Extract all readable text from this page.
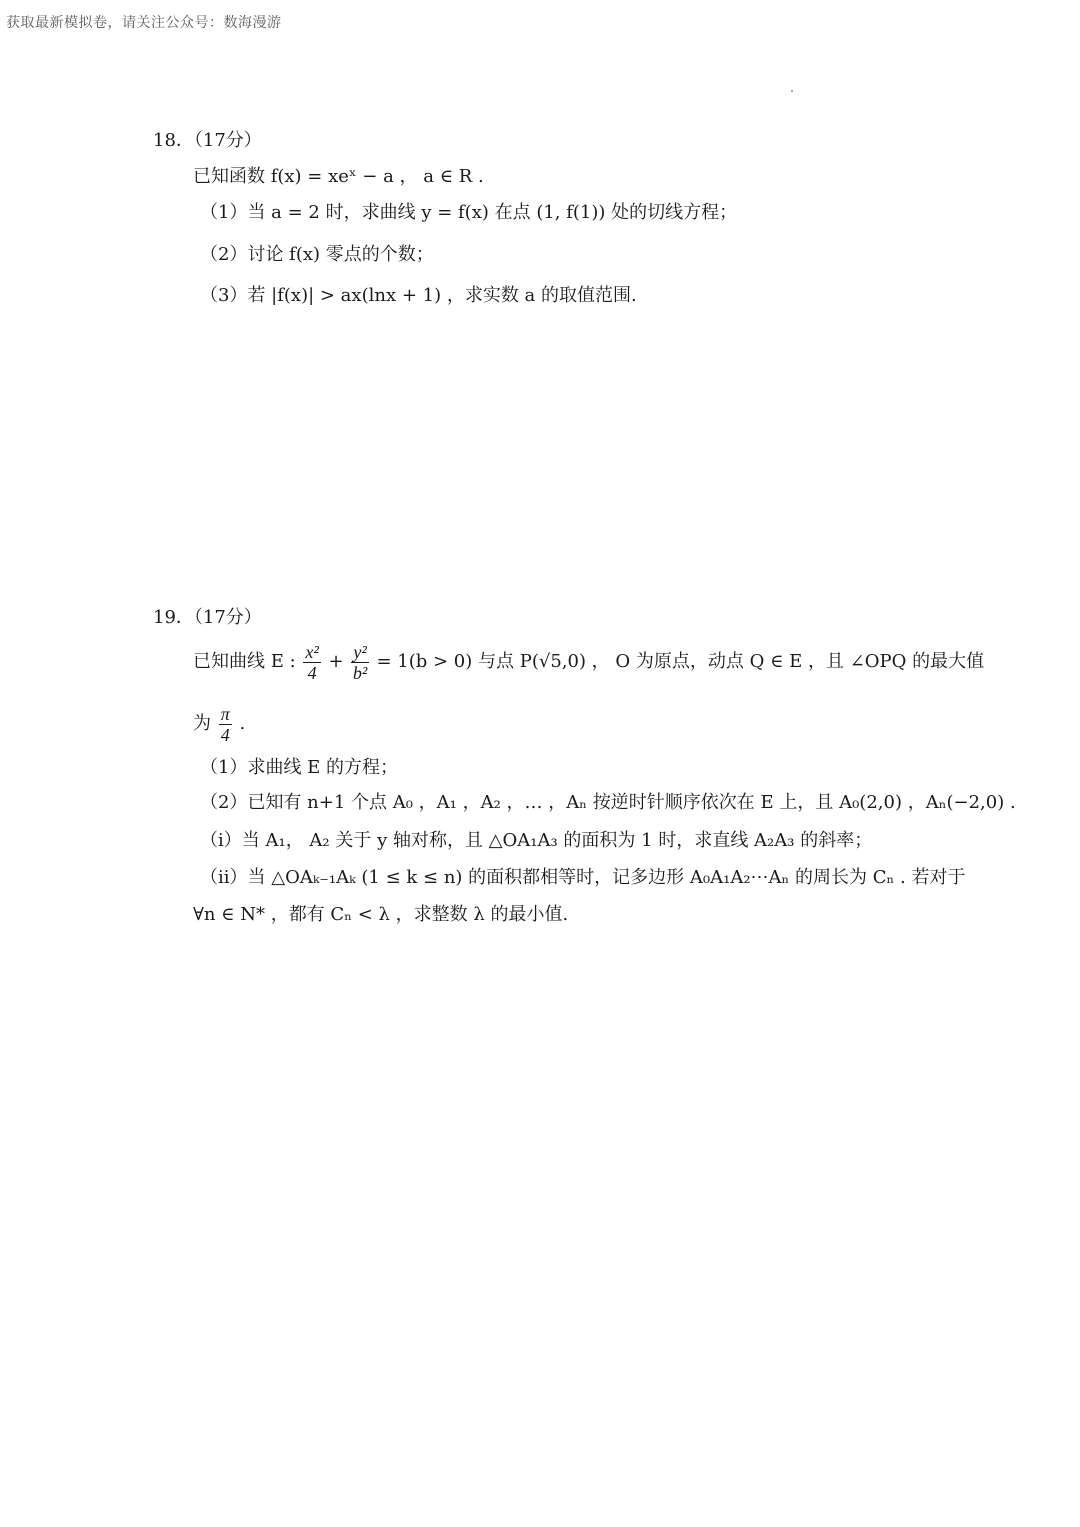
获取最新模拟卷，请关注公众号：数海漫游
18．（17分）
已知函数 f(x) = xeˣ − a ， a ∈ R .
（1）当 a = 2 时，求曲线 y = f(x) 在点 (1, f(1)) 处的切线方程；
（2）讨论 f(x) 零点的个数；
（3）若 |f(x)| > ax(lnx + 1) ，求实数 a 的取值范围.
19．（17分）
已知曲线 E : $\frac{\text{x²}}{4} + \frac{\text{y²}}{\text{b²}} = 1(b > 0)$ 与点 P(√5,0) ， O 为原点，动点 Q ∈ E ，且 ∠OPQ 的最大值
为 $\frac{\pi}{4}$ .
（1）求曲线 E 的方程；
（2）已知有 n+1 个点 A₀ ，A₁ ，A₂ ，… ，Aₙ 按逆时针顺序依次在 E 上，且 A₀(2,0) ，Aₙ(−2,0) .
（i）当 A₁， A₂ 关于 y 轴对称，且 △OA₁A₃ 的面积为 1 时，求直线 A₂A₃ 的斜率；
（ii）当 △OAₖ₋₁Aₖ (1 ≤ k ≤ n) 的面积都相等时，记多边形 A₀A₁A₂⋯Aₙ 的周长为 Cₙ . 若对于
∀n ∈ N* ，都有 Cₙ < λ ，求整数 λ 的最小值.
